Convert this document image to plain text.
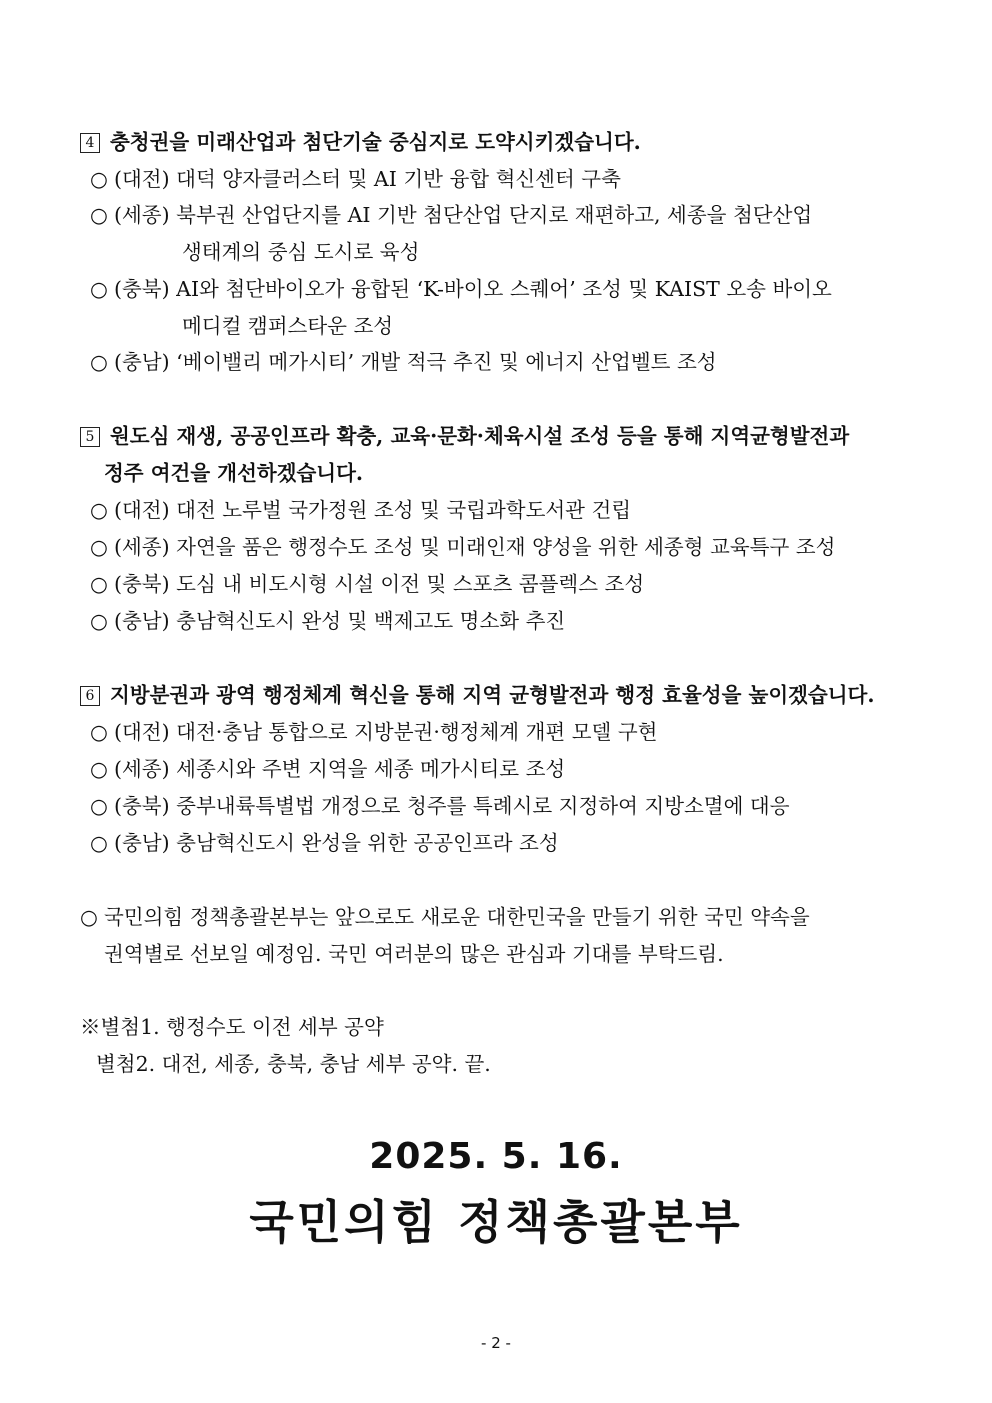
4 충청권을 미래산업과 첨단기술 중심지로 도약시키겠습니다.
○ (대전) 대덕 양자클러스터 및 AI 기반 융합 혁신센터 구축
○ (세종) 북부권 산업단지를 AI 기반 첨단산업 단지로 재편하고, 세종을 첨단산업
생태계의 중심 도시로 육성
○ (충북) AI와 첨단바이오가 융합된 ‘K-바이오 스퀘어’ 조성 및 KAIST 오송 바이오
메디컬 캠퍼스타운 조성
○ (충남) ‘베이밸리 메가시티’ 개발 적극 추진 및 에너지 산업벨트 조성
5 원도심 재생, 공공인프라 확충, 교육·문화·체육시설 조성 등을 통해 지역균형발전과
정주 여건을 개선하겠습니다.
○ (대전) 대전 노루벌 국가정원 조성 및 국립과학도서관 건립
○ (세종) 자연을 품은 행정수도 조성 및 미래인재 양성을 위한 세종형 교육특구 조성
○ (충북) 도심 내 비도시형 시설 이전 및 스포츠 콤플렉스 조성
○ (충남) 충남혁신도시 완성 및 백제고도 명소화 추진
6 지방분권과 광역 행정체계 혁신을 통해 지역 균형발전과 행정 효율성을 높이겠습니다.
○ (대전) 대전·충남 통합으로 지방분권·행정체계 개편 모델 구현
○ (세종) 세종시와 주변 지역을 세종 메가시티로 조성
○ (충북) 중부내륙특별법 개정으로 청주를 특례시로 지정하여 지방소멸에 대응
○ (충남) 충남혁신도시 완성을 위한 공공인프라 조성
○ 국민의힘 정책총괄본부는 앞으로도 새로운 대한민국을 만들기 위한 국민 약속을
권역별로 선보일 예정임. 국민 여러분의 많은 관심과 기대를 부탁드림.
※별첨1. 행정수도 이전 세부 공약
별첨2. 대전, 세종, 충북, 충남 세부 공약. 끝.
2025. 5. 16.
국민의힘 정책총괄본부
- 2 -
